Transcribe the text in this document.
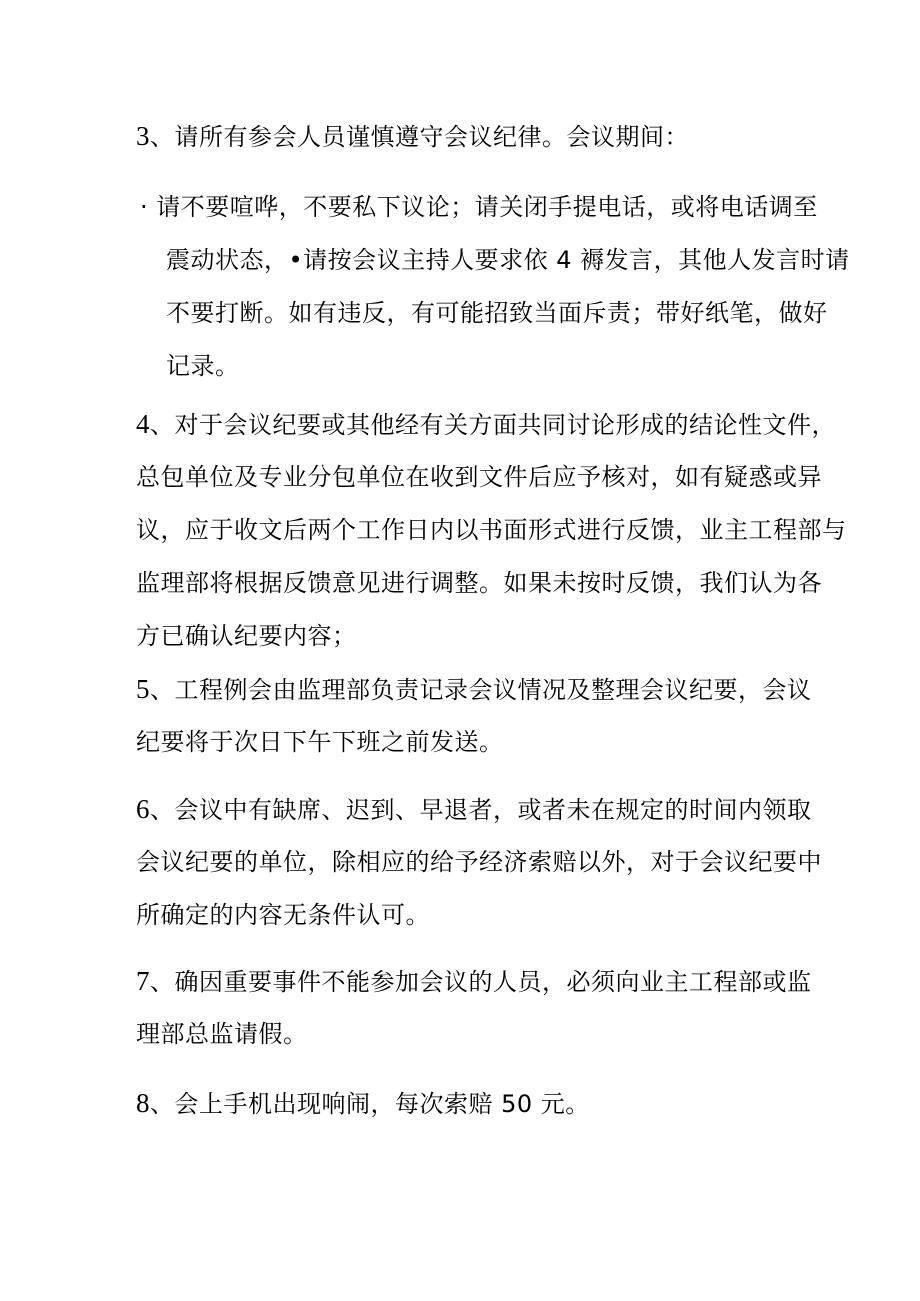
3、请所有参会人员谨慎遵守会议纪律。会议期间：
· 请不要喧哗，不要私下议论；请关闭手提电话，或将电话调至
震动状态，•请按会议主持人要求依 4 褥发言，其他人发言时请
不要打断。如有违反，有可能招致当面斥责；带好纸笔，做好
记录。
4、对于会议纪要或其他经有关方面共同讨论形成的结论性文件，
总包单位及专业分包单位在收到文件后应予核对，如有疑惑或异
议，应于收文后两个工作日内以书面形式进行反馈，业主工程部与
监理部将根据反馈意见进行调整。如果未按时反馈，我们认为各
方已确认纪要内容；
5、工程例会由监理部负责记录会议情况及整理会议纪要，会议
纪要将于次日下午下班之前发送。
6、会议中有缺席、迟到、早退者，或者未在规定的时间内领取
会议纪要的单位，除相应的给予经济索赔以外，对于会议纪要中
所确定的内容无条件认可。
7、确因重要事件不能参加会议的人员，必须向业主工程部或监
理部总监请假。
8、会上手机出现响闹，每次索赔 50 元。
